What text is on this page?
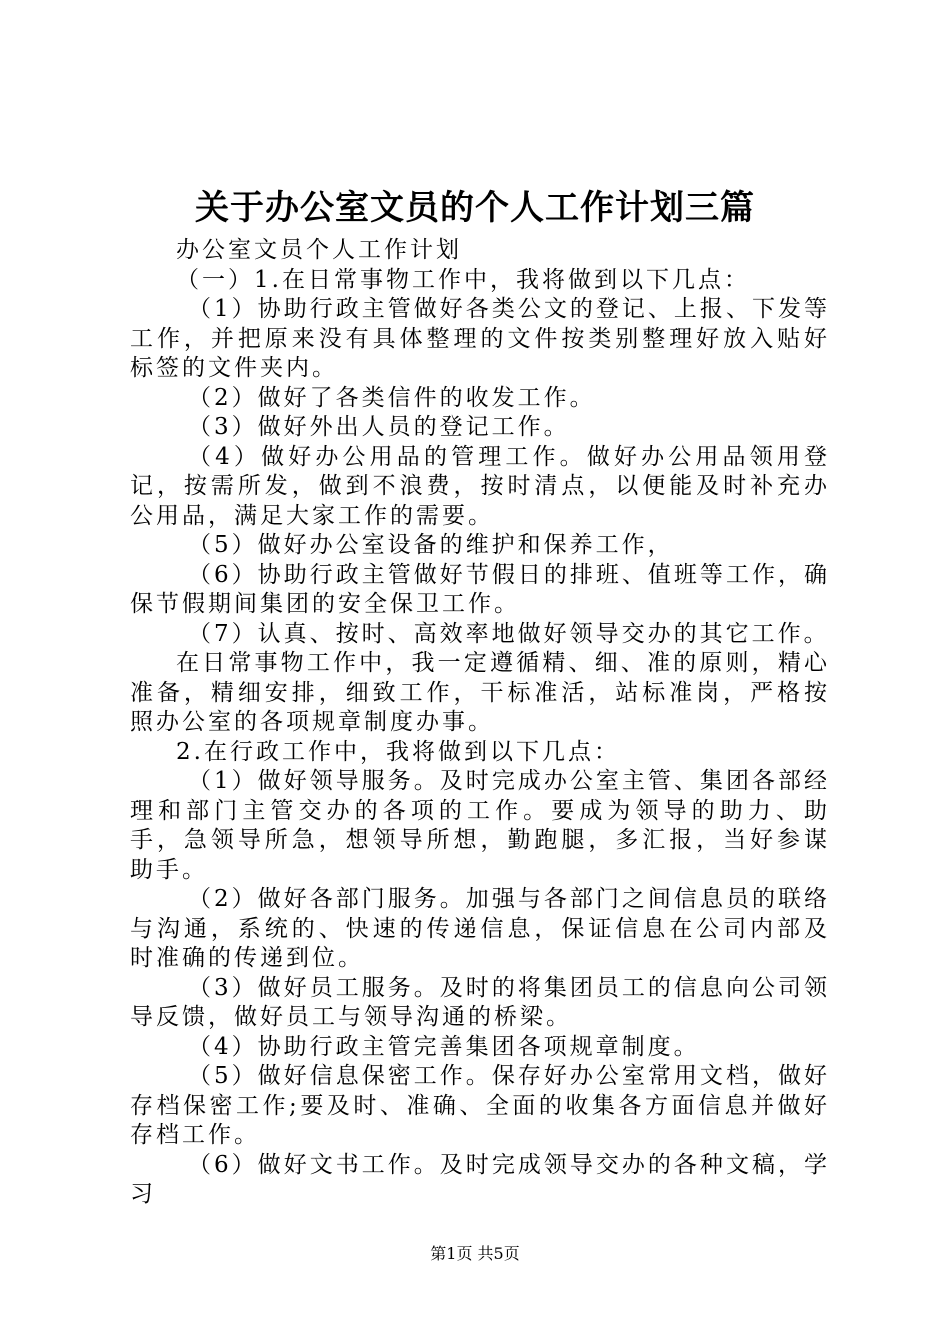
关于办公室文员的个人工作计划三篇

办公室文员个人工作计划

（一）1.在日常事物工作中，我将做到以下几点：

（1）协助行政主管做好各类公文的登记、上报、下发等工作，并把原来没有具体整理的文件按类别整理好放入贴好标签的文件夹内。

（2）做好了各类信件的收发工作。

（3）做好外出人员的登记工作。

（4）做好办公用品的管理工作。做好办公用品领用登记，按需所发，做到不浪费，按时清点，以便能及时补充办公用品，满足大家工作的需要。

（5）做好办公室设备的维护和保养工作，

（6）协助行政主管做好节假日的排班、值班等工作，确保节假期间集团的安全保卫工作。

（7）认真、按时、高效率地做好领导交办的其它工作。

在日常事物工作中，我一定遵循精、细、准的原则，精心准备，精细安排，细致工作，干标准活，站标准岗，严格按照办公室的各项规章制度办事。

2.在行政工作中，我将做到以下几点：

（1）做好领导服务。及时完成办公室主管、集团各部经理和部门主管交办的各项的工作。要成为领导的助力、助手，急领导所急，想领导所想，勤跑腿，多汇报，当好参谋助手。

（2）做好各部门服务。加强与各部门之间信息员的联络与沟通，系统的、快速的传递信息，保证信息在公司内部及时准确的传递到位。

（3）做好员工服务。及时的将集团员工的信息向公司领导反馈，做好员工与领导沟通的桥梁。

（4）协助行政主管完善集团各项规章制度。

（5）做好信息保密工作。保存好办公室常用文档，做好存档保密工作;要及时、准确、全面的收集各方面信息并做好存档工作。

（6）做好文书工作。及时完成领导交办的各种文稿，学习

第1页 共5页
